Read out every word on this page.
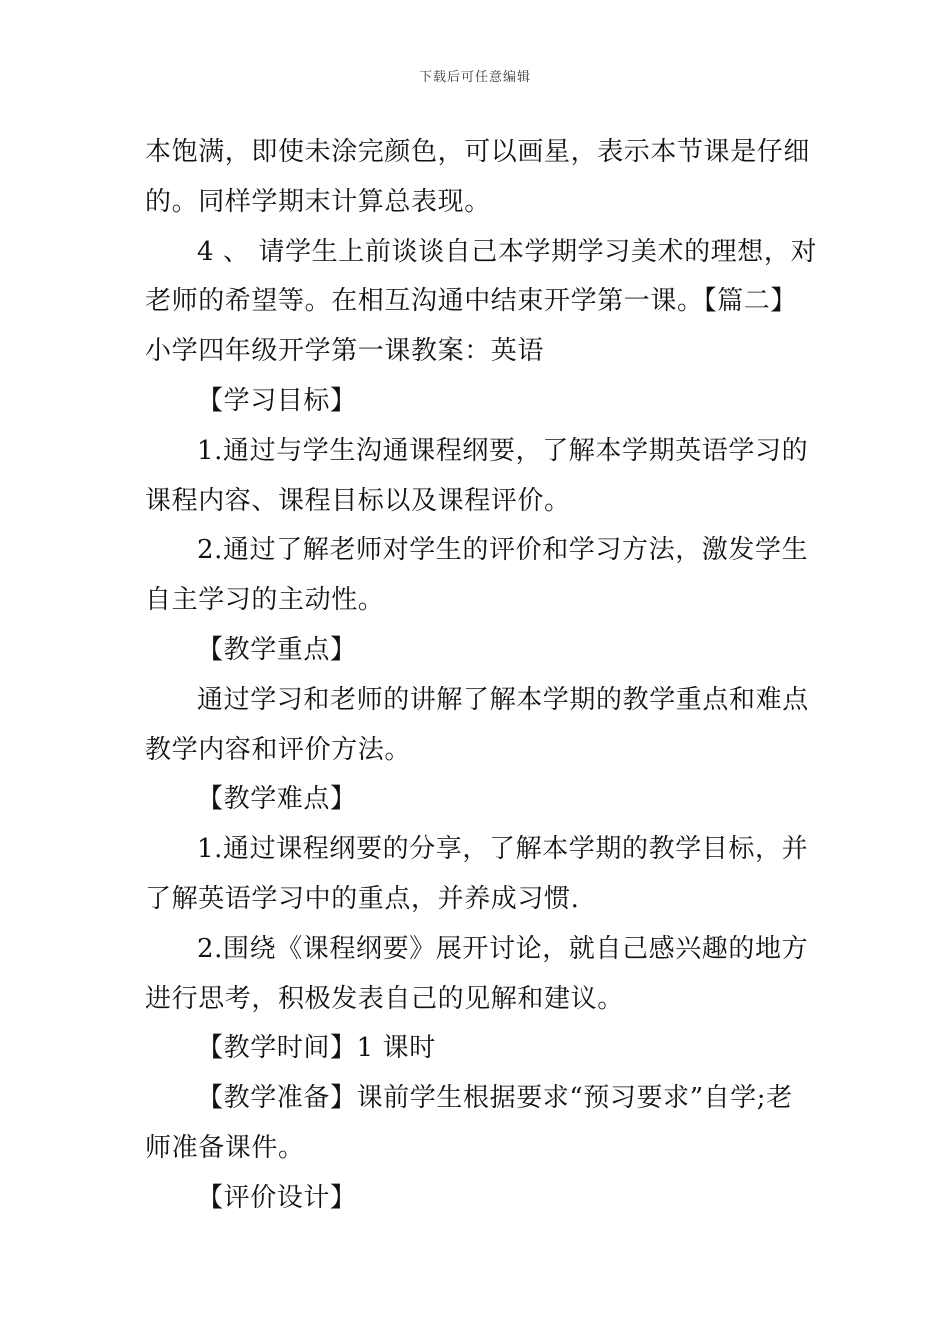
下载后可任意编辑

本饱满，即使未涂完颜色，可以画星，表示本节课是仔细

的。同样学期末计算总表现。

4 、 请学生上前谈谈自己本学期学习美术的理想，对

老师的希望等。在相互沟通中结束开学第一课。【篇二】

小学四年级开学第一课教案：英语

【学习目标】

1.通过与学生沟通课程纲要，了解本学期英语学习的

课程内容、课程目标以及课程评价。

2.通过了解老师对学生的评价和学习方法，激发学生

自主学习的主动性。

【教学重点】

通过学习和老师的讲解了解本学期的教学重点和难点

教学内容和评价方法。

【教学难点】

1.通过课程纲要的分享，了解本学期的教学目标，并

了解英语学习中的重点，并养成习惯.

2.围绕《课程纲要》展开讨论，就自己感兴趣的地方

进行思考，积极发表自己的见解和建议。

【教学时间】1 课时

【教学准备】课前学生根据要求“预习要求”自学;老

师准备课件。

【评价设计】
